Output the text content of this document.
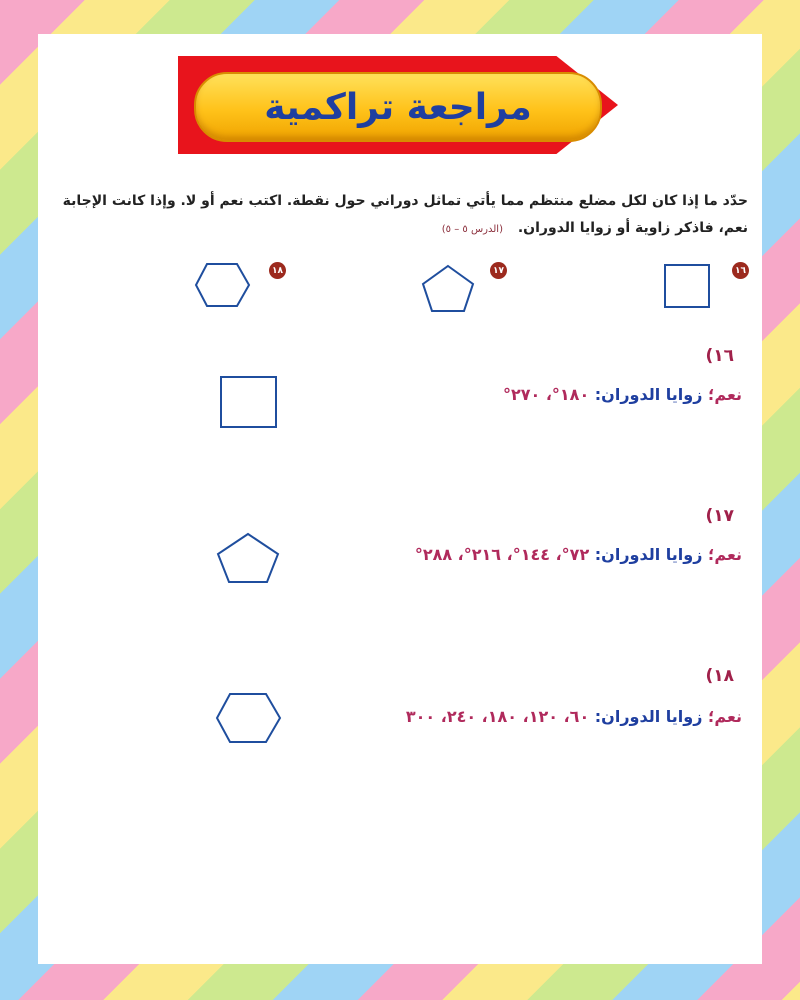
مراجعة تراكمية
حدّد ما إذا كان لكل مضلع منتظم مما يأتي تماثل دوراني حول نقطة. اكتب نعم أو لا. وإذا كانت الإجابة نعم، فاذكر زاوية أو زوايا الدوران. (الدرس ٥ – ٥)
١٦
١٧
١٨
١٦)
نعم؛ زوايا الدوران: ١٨٠°، ٢٧٠°
١٧)
نعم؛ زوايا الدوران: ٧٢°، ١٤٤°، ٢١٦°، ٢٨٨°
١٨)
نعم؛ زوايا الدوران: ٦٠، ١٢٠، ١٨٠، ٢٤٠، ٣٠٠
